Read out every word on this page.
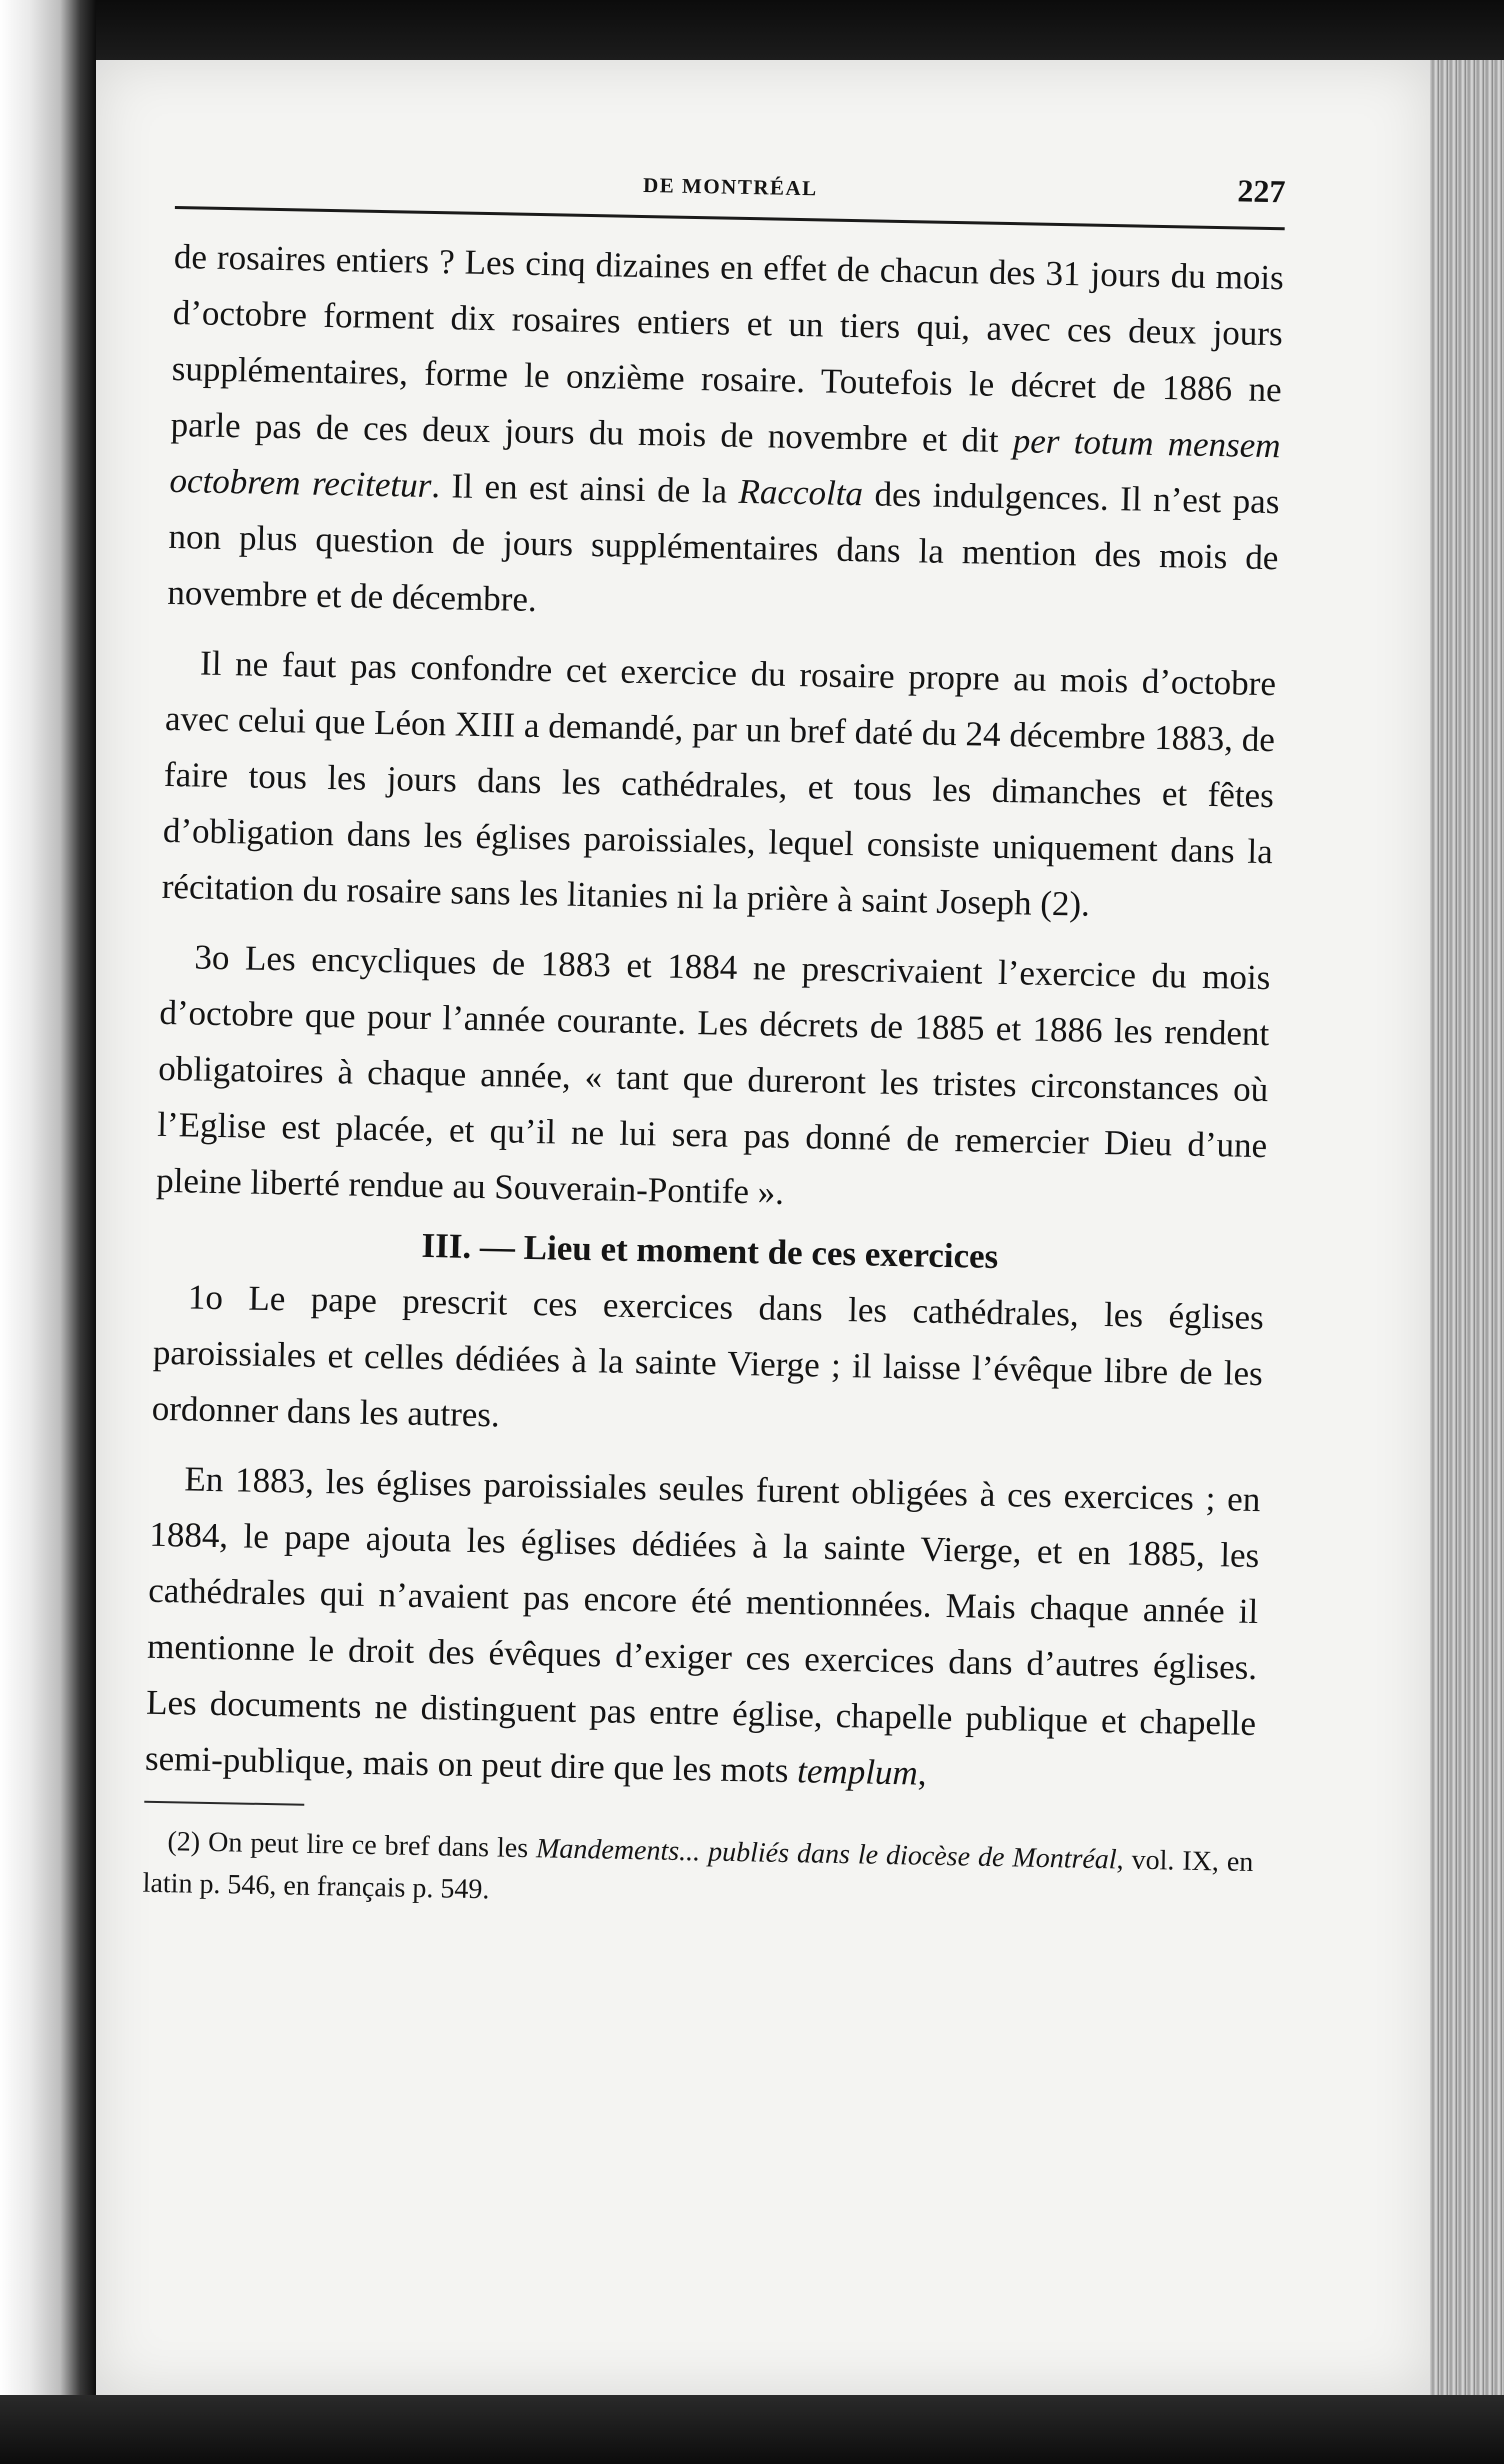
DE MONTRÉAL	227

de rosaires entiers ? Les cinq dizaines en effet de chacun des 31 jours du mois d’octobre forment dix rosaires entiers et un tiers qui, avec ces deux jours supplémentaires, forme le onzième rosaire. Toutefois le décret de 1886 ne parle pas de ces deux jours du mois de novembre et dit per totum mensem octobrem recitetur. Il en est ainsi de la Raccolta des indulgences. Il n’est pas non plus question de jours supplémentaires dans la mention des mois de novembre et de décembre.

Il ne faut pas confondre cet exercice du rosaire propre au mois d’octobre avec celui que Léon XIII a demandé, par un bref daté du 24 décembre 1883, de faire tous les jours dans les cathédrales, et tous les dimanches et fêtes d’obligation dans les églises paroissiales, lequel consiste uniquement dans la récitation du rosaire sans les litanies ni la prière à saint Joseph (2).

3o Les encycliques de 1883 et 1884 ne prescrivaient l’exercice du mois d’octobre que pour l’année courante. Les décrets de 1885 et 1886 les rendent obligatoires à chaque année, « tant que dureront les tristes circonstances où l’Eglise est placée, et qu’il ne lui sera pas donné de remercier Dieu d’une pleine liberté rendue au Souverain-Pontife ».

III. — Lieu et moment de ces exercices

1o Le pape prescrit ces exercices dans les cathédrales, les églises paroissiales et celles dédiées à la sainte Vierge ; il laisse l’évêque libre de les ordonner dans les autres.

En 1883, les églises paroissiales seules furent obligées à ces exercices ; en 1884, le pape ajouta les églises dédiées à la sainte Vierge, et en 1885, les cathédrales qui n’avaient pas encore été mentionnées. Mais chaque année il mentionne le droit des évêques d’exiger ces exercices dans d’autres églises. Les documents ne distinguent pas entre église, chapelle publique et chapelle semi-publique, mais on peut dire que les mots templum,

(2) On peut lire ce bref dans les Mandements... publiés dans le diocèse de Montréal, vol. IX, en latin p. 546, en français p. 549.
